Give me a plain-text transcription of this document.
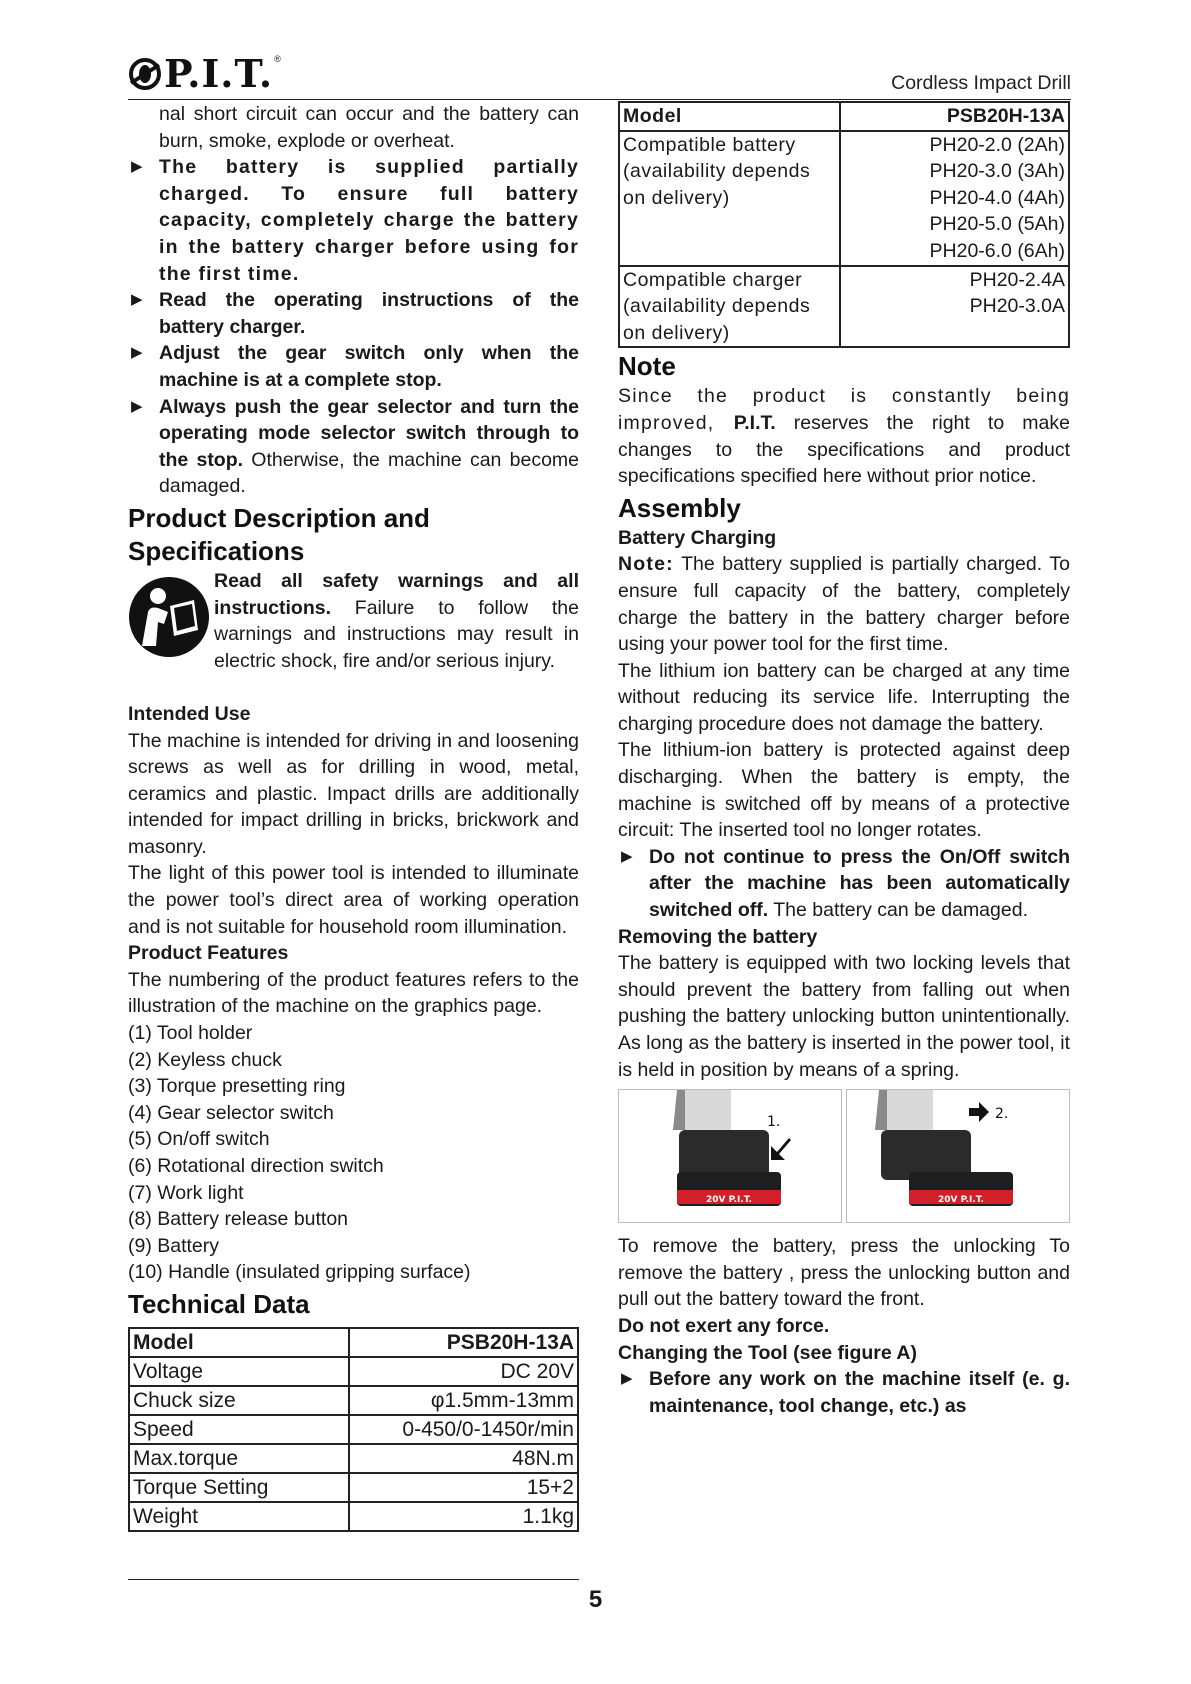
P.I.T. ®
Cordless Impact Drill

nal short circuit can occur and the battery can burn, smoke, explode or overheat.

▶ The battery is supplied partially charged. To ensure full battery capacity, completely charge the battery in the battery charger before using for the first time.
▶ Read the operating instructions of the battery charger.
▶ Adjust the gear switch only when the machine is at a complete stop.
▶ Always push the gear selector and turn the operating mode selector switch through to the stop. Otherwise, the machine can become damaged.
Product Description and Specifications

Read all safety warnings and all instructions. Failure to follow the warnings and instructions may result in electric shock, fire and/or serious injury.

Intended Use

The machine is intended for driving in and loosening screws as well as for drilling in wood, metal, ceramics and plastic. Impact drills are additionally intended for impact drilling in bricks, brickwork and masonry.

The light of this power tool is intended to illuminate the power tool’s direct area of working operation and is not suitable for household room illumination.

Product Features

The numbering of the product features refers to the illustration of the machine on the graphics page.

(1) Tool holder
(2) Keyless chuck
(3) Torque presetting ring
(4) Gear selector switch
(5) On/off switch
(6) Rotational direction switch
(7) Work light
(8) Battery release button
(9) Battery
(10) Handle (insulated gripping surface)
Technical Data
Model	PSB20H-13A
Voltage	DC 20V
Chuck size	φ1.5mm-13mm
Speed	0-450/0-1450r/min
Max.torque	48N.m
Torque Setting	15+2
Weight	1.1kg
Model	PSB20H-13A
Compatible battery (availability depends on delivery)	PH20-2.0 (2Ah)
PH20-3.0 (3Ah)
PH20-4.0 (4Ah)
PH20-5.0 (5Ah)
PH20-6.0 (6Ah)

Compatible charger (availability depends on delivery)	PH20-2.4A
PH20-3.0A
Note

Since the product is constantly being improved, P.I.T. reserves the right to make changes to the specifications and product specifications specified here without prior notice.

Assembly
Battery Charging

Note: The battery supplied is partially charged. To ensure full capacity of the battery, completely charge the battery in the battery charger before using your power tool for the first time.

The lithium ion battery can be charged at any time without reducing its service life. Interrupting the charging procedure does not damage the battery.

The lithium-ion battery is protected against deep discharging. When the battery is empty, the machine is switched off by means of a protective circuit: The inserted tool no longer rotates.

▶ Do not continue to press the On/Off switch after the machine has been automatically switched off. The battery can be damaged.
Removing the battery

The battery is equipped with two locking levels that should prevent the battery from falling out when pushing the battery unlocking button unintentionally. As long as the battery is inserted in the power tool, it is held in position by means of a spring.

20V P.I.T.
1.
20V P.I.T.
2.

To remove the battery, press the unlocking To remove the battery , press the unlocking button and pull out the battery toward the front.

Do not exert any force.

Changing the Tool (see figure A)
▶ Before any work on the machine itself (e. g. maintenance, tool change, etc.) as
5
